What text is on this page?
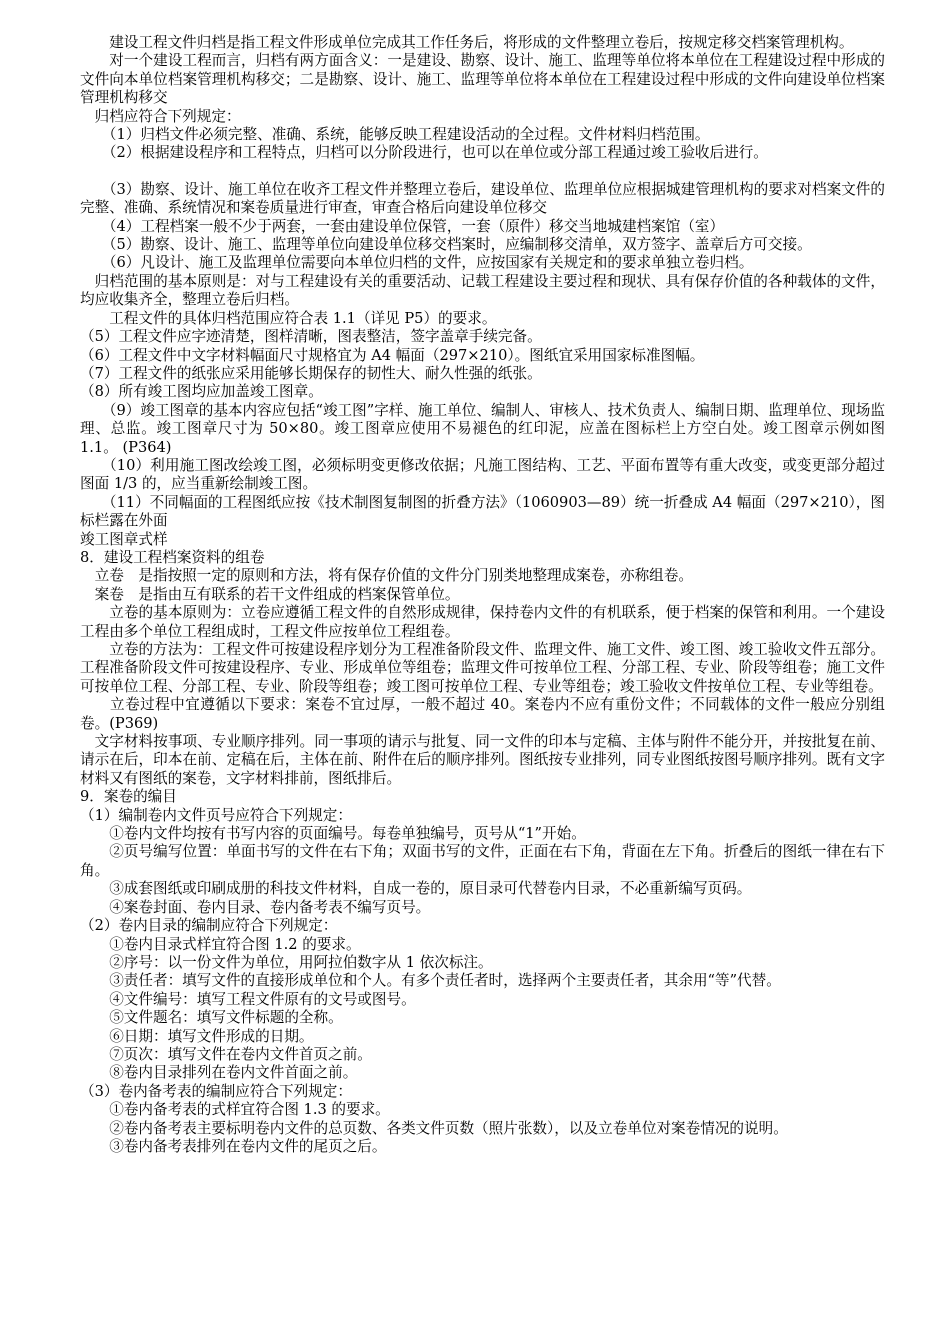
　　建设工程文件归档是指工程文件形成单位完成其工作任务后，将形成的文件整理立卷后，按规定移交档案管理机构。

　　对一个建设工程而言，归档有两方面含义：一是建设、勘察、设计、施工、监理等单位将本单位在工程建设过程中形成的文件向本单位档案管理机构移交；二是勘察、设计、施工、监理等单位将本单位在工程建设过程中形成的文件向建设单位档案管理机构移交

　归档应符合下列规定：

　　（1）归档文件必须完整、准确、系统，能够反映工程建设活动的全过程。文件材料归档范围。

　　（2）根据建设程序和工程特点，归档可以分阶段进行，也可以在单位或分部工程通过竣工验收后进行。

　　（3）勘察、设计、施工单位在收齐工程文件并整理立卷后，建设单位、监理单位应根据城建管理机构的要求对档案文件的完整、准确、系统情况和案卷质量进行审查，审查合格后向建设单位移交

　　（4）工程档案一般不少于两套，一套由建设单位保管，一套（原件）移交当地城建档案馆（室）

　　（5）勘察、设计、施工、监理等单位向建设单位移交档案时，应编制移交清单，双方签字、盖章后方可交接。

　　（6）凡设计、施工及监理单位需要向本单位归档的文件，应按国家有关规定和的要求单独立卷归档。

　归档范围的基本原则是：对与工程建设有关的重要活动、记载工程建设主要过程和现状、具有保存价值的各种载体的文件，均应收集齐全，整理立卷后归档。

　　工程文件的具体归档范围应符合表 1.1（详见 P5）的要求。

（5）工程文件应字迹清楚，图样清晰，图表整洁，签字盖章手续完备。

（6）工程文件中文字材料幅面尺寸规格宜为 A4 幅面（297×210）。图纸宜采用国家标准图幅。

（7）工程文件的纸张应采用能够长期保存的韧性大、耐久性强的纸张。

（8）所有竣工图均应加盖竣工图章。

　　（9）竣工图章的基本内容应包括“竣工图”字样、施工单位、编制人、审核人、技术负责人、编制日期、监理单位、现场监理、总监。竣工图章尺寸为 50×80。竣工图章应使用不易褪色的红印泥，应盖在图标栏上方空白处。竣工图章示例如图 1.1。 (P364)

　　（10）利用施工图改绘竣工图，必须标明变更修改依据；凡施工图结构、工艺、平面布置等有重大改变，或变更部分超过图面 1/3 的，应当重新绘制竣工图。

　　（11）不同幅面的工程图纸应按《技术制图复制图的折叠方法》（1060903—89）统一折叠成 A4 幅面（297×210），图标栏露在外面

竣工图章式样

8．建设工程档案资料的组卷

　立卷　是指按照一定的原则和方法，将有保存价值的文件分门别类地整理成案卷，亦称组卷。

　案卷　是指由互有联系的若干文件组成的档案保管单位。

　　立卷的基本原则为：立卷应遵循工程文件的自然形成规律，保持卷内文件的有机联系，便于档案的保管和利用。一个建设工程由多个单位工程组成时，工程文件应按单位工程组卷。

　　立卷的方法为：工程文件可按建设程序划分为工程准备阶段文件、监理文件、施工文件、竣工图、竣工验收文件五部分。工程准备阶段文件可按建设程序、专业、形成单位等组卷；监理文件可按单位工程、分部工程、专业、阶段等组卷；施工文件可按单位工程、分部工程、专业、阶段等组卷；竣工图可按单位工程、专业等组卷；竣工验收文件按单位工程、专业等组卷。

　　立卷过程中宜遵循以下要求：案卷不宜过厚，一般不超过 40。案卷内不应有重份文件；不同载体的文件一般应分别组卷。(P369)

　文字材料按事项、专业顺序排列。同一事项的请示与批复、同一文件的印本与定稿、主体与附件不能分开，并按批复在前、请示在后，印本在前、定稿在后，主体在前、附件在后的顺序排列。图纸按专业排列，同专业图纸按图号顺序排列。既有文字材料又有图纸的案卷，文字材料排前，图纸排后。

9．案卷的编目

（1）编制卷内文件页号应符合下列规定：

　　①卷内文件均按有书写内容的页面编号。每卷单独编号，页号从“1”开始。

　　②页号编写位置：单面书写的文件在右下角；双面书写的文件，正面在右下角，背面在左下角。折叠后的图纸一律在右下角。

　　③成套图纸或印刷成册的科技文件材料，自成一卷的，原目录可代替卷内目录，不必重新编写页码。

　　④案卷封面、卷内目录、卷内备考表不编写页号。

（2）卷内目录的编制应符合下列规定：

　　①卷内目录式样宜符合图 1.2 的要求。

　　②序号：以一份文件为单位，用阿拉伯数字从 1 依次标注。

　　③责任者：填写文件的直接形成单位和个人。有多个责任者时，选择两个主要责任者，其余用“等”代替。

　　④文件编号：填写工程文件原有的文号或图号。

　　⑤文件题名：填写文件标题的全称。

　　⑥日期：填写文件形成的日期。

　　⑦页次：填写文件在卷内文件首页之前。

　　⑧卷内目录排列在卷内文件首面之前。

（3）卷内备考表的编制应符合下列规定：

　　①卷内备考表的式样宜符合图 1.3 的要求。

　　②卷内备考表主要标明卷内文件的总页数、各类文件页数（照片张数），以及立卷单位对案卷情况的说明。

　　③卷内备考表排列在卷内文件的尾页之后。
